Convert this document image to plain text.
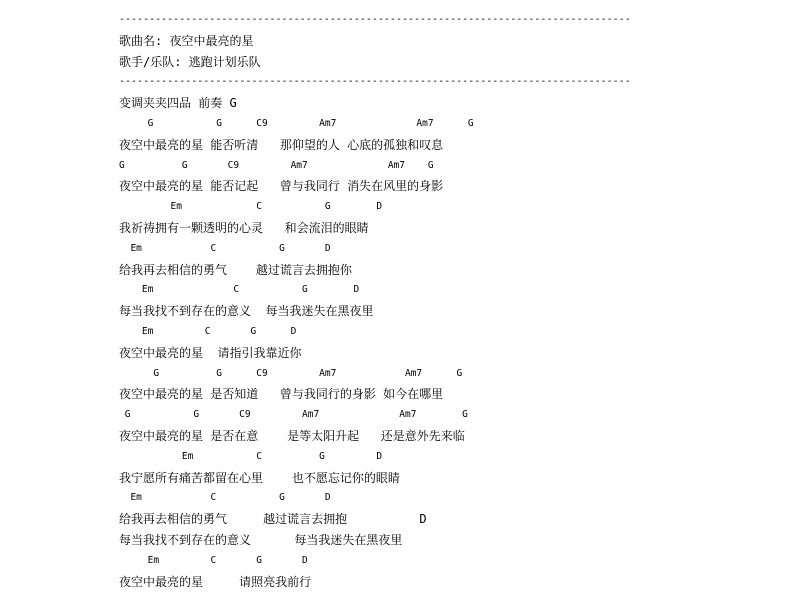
-------------------------------------------------------------------------------------
歌曲名: 夜空中最亮的星
歌手/乐队: 逃跑计划乐队
-------------------------------------------------------------------------------------
变调夹夹四品 前奏 G
G           G      C9         Am7              Am7      G
夜空中最亮的星 能否听清   那仰望的人 心底的孤独和叹息
G          G       C9         Am7              Am7    G
夜空中最亮的星 能否记起   曾与我同行 消失在风里的身影
Em             C           G        D
我祈祷拥有一颗透明的心灵   和会流泪的眼睛
Em            C           G       D
给我再去相信的勇气    越过谎言去拥抱你
Em              C           G        D
每当我找不到存在的意义  每当我迷失在黑夜里
Em         C       G      D
夜空中最亮的星  请指引我靠近你
G          G      C9         Am7            Am7      G
夜空中最亮的星 是否知道   曾与我同行的身影 如今在哪里
G           G       C9         Am7              Am7        G
夜空中最亮的星 是否在意    是等太阳升起   还是意外先来临
Em           C          G         D
我宁愿所有痛苦都留在心里    也不愿忘记你的眼睛
Em            C           G       D
给我再去相信的勇气     越过谎言去拥抱          D
每当我找不到存在的意义      每当我迷失在黑夜里
Em         C       G       D
夜空中最亮的星     请照亮我前行
